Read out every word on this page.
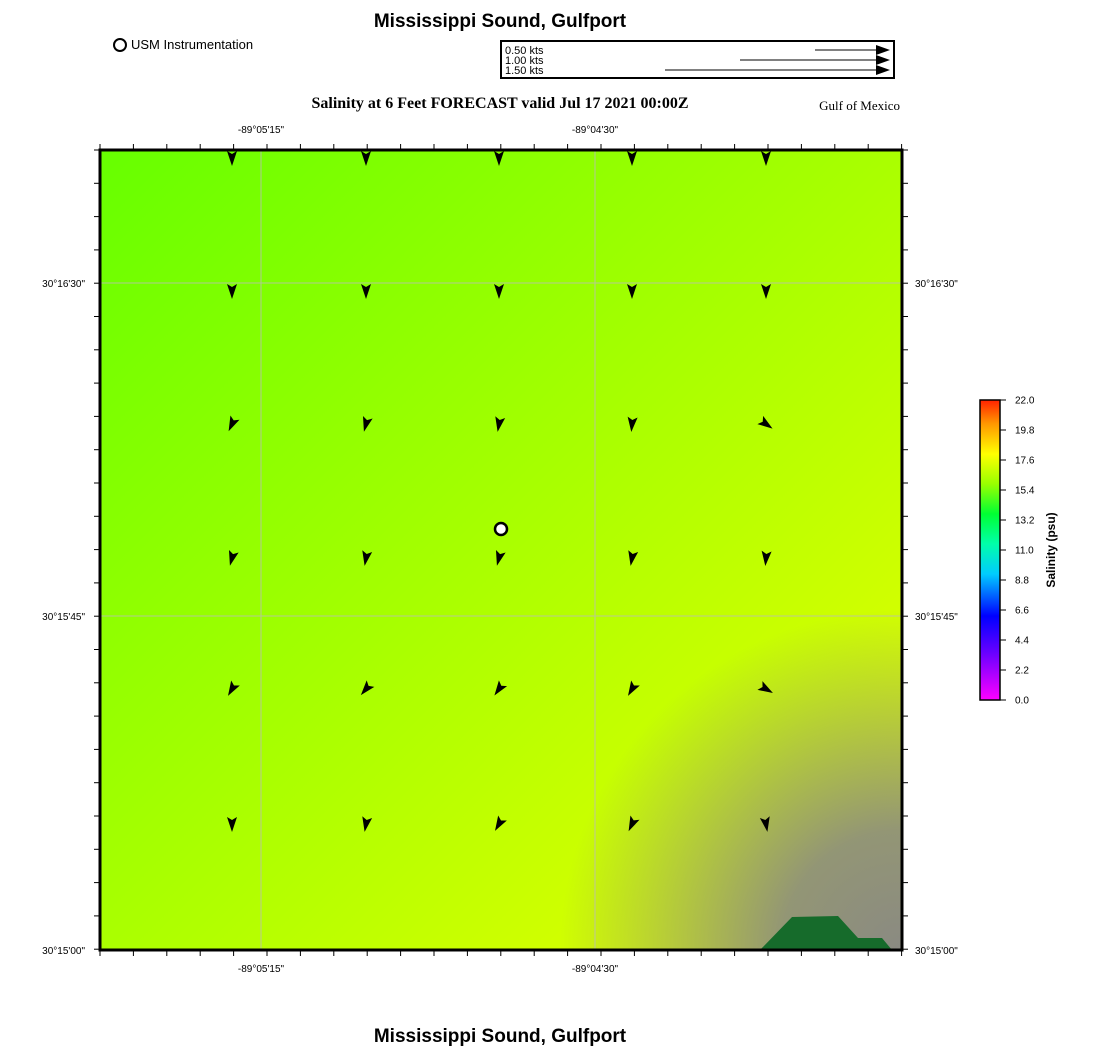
Mississippi Sound, Gulfport
USM Instrumentation	0.50 kts
1.00 kts
1.50 kts
Salinity at 6 Feet FORECAST valid Jul 17 2021 00:00Z	Gulf of Mexico
-89°05'15"	-89°04'30"
-89°05'15"	-89°04'30"
30°16'30"
30°15'45"
30°15'00"
30°16'30"
30°15'45"
30°15'00"
22.0
19.8
17.6
15.4
13.2
11.0
8.8
6.6
4.4
2.2
0.0
Salinity (psu)
Mississippi Sound, Gulfport
